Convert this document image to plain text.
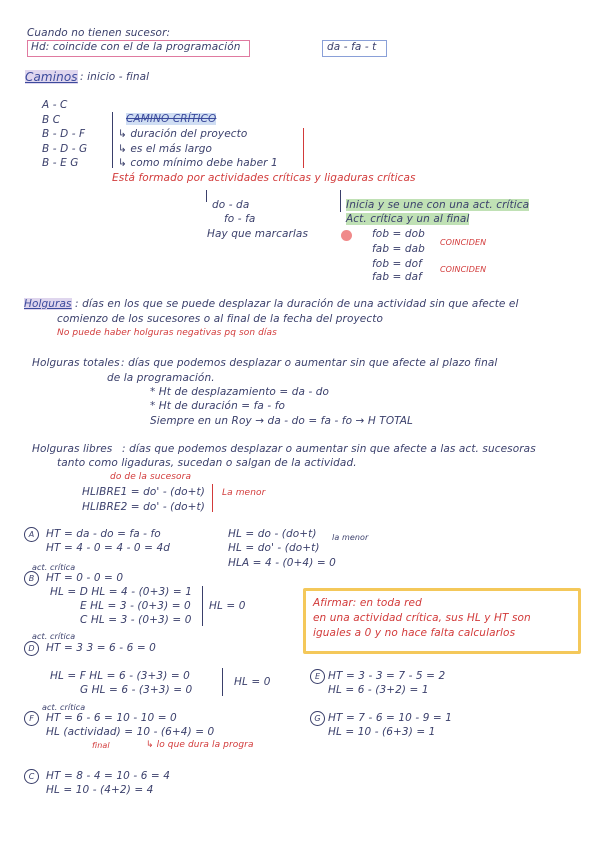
Cuando no tienen sucesor:
Hd: coincide con el de la programación	da - fa - t
Caminos : inicio - final
A - C
B C
B - D - F
B - D - G
B - E G
CAMINO CRÍTICO
↳ duración del proyecto
↳ es el más largo
↳ como mínimo debe haber 1
Está formado por actividades críticas y ligaduras críticas
do - da
fo - fa
Hay que marcarlas
Inicia y se une con una act. crítica
Act. crítica y un al final
fob = dob
fab = dab
COINCIDEN
fob = dof
fab = daf
COINCIDEN
Holguras : días en los que se puede desplazar la duración de una actividad sin que afecte el
comienzo de los sucesores o al final de la fecha del proyecto
No puede haber holguras negativas pq son días
Holguras totales : días que podemos desplazar o aumentar sin que afecte al plazo final
de la programación.
* Ht de desplazamiento = da - do
* Ht de duración = fa - fo
Siempre en un Roy → da - do = fa - fo → H TOTAL
Holguras libres : días que podemos desplazar o aumentar sin que afecte a las act. sucesoras
tanto como ligaduras, sucedan o salgan de la actividad.
do de la sucesora
HLIBRE1 = do' - (do+t)
HLIBRE2 = do' - (do+t)
La menor
A	HT = da - do = fa - fo
HT = 4 - 0 = 4 - 0 = 4d
HL = do - (do+t)
HL = do' - (do+t)
HLA = 4 - (0+4) = 0
la menor
act. crítica
B	HT = 0 - 0 = 0
HL = D HL = 4 - (0+3) = 1
E HL = 3 - (0+3) = 0
C HL = 3 - (0+3) = 0
HL = 0	Afirmar: en toda red
en una actividad crítica, sus HL y HT son
iguales a 0 y no hace falta calcularlos
act. crítica
D	HT = 3 3 = 6 - 6 = 0
HL = F HL = 6 - (3+3) = 0
G HL = 6 - (3+3) = 0
HL = 0	E HT = 3 - 3 = 7 - 5 = 2
HL = 6 - (3+2) = 1
act. crítica
F	HT = 6 - 6 = 10 - 10 = 0
HL (actividad) = 10 - (6+4) = 0
final	↳ lo que dura la progra
G HT = 7 - 6 = 10 - 9 = 1
HL = 10 - (6+3) = 1
C	HT = 8 - 4 = 10 - 6 = 4
HL = 10 - (4+2) = 4
